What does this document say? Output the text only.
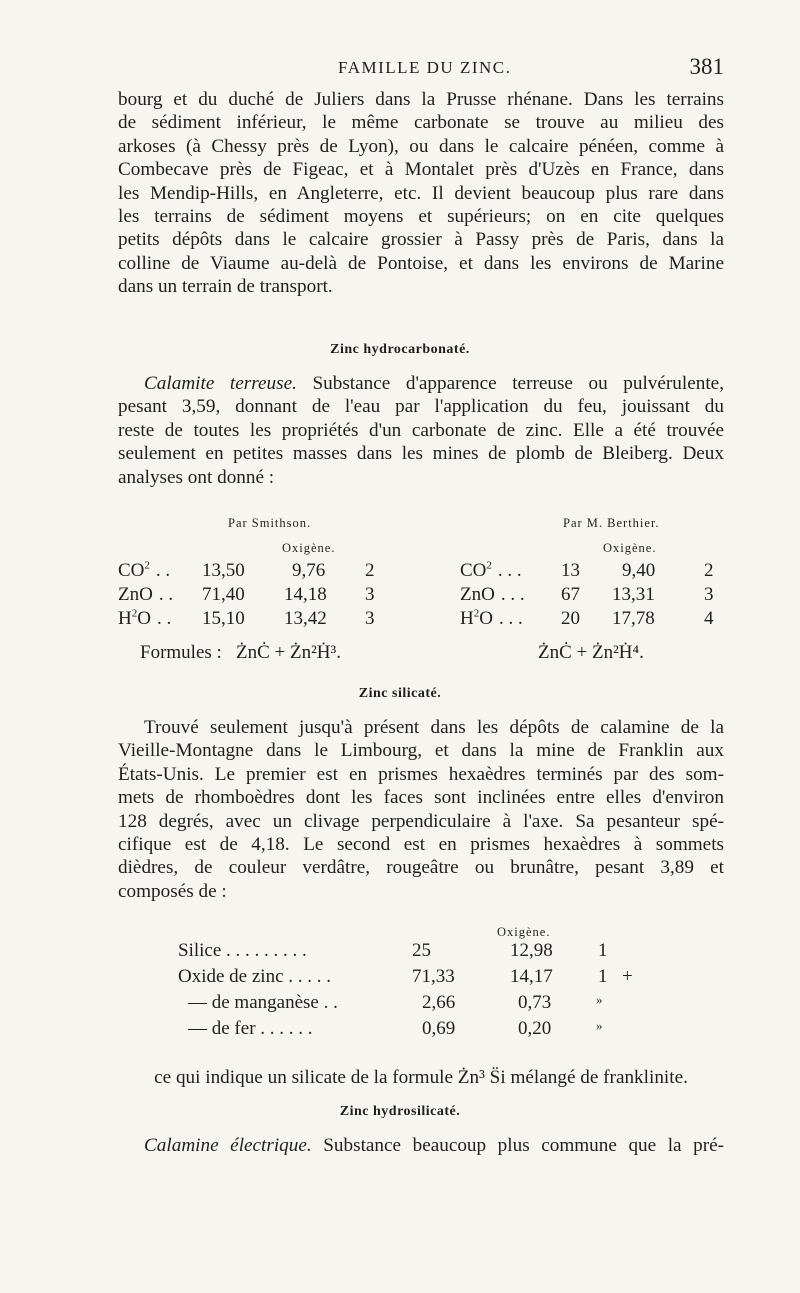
FAMILLE DU ZINC.	381
bourg et du duché de Juliers dans la Prusse rhénane. Dans les terrains
de sédiment inférieur, le même carbonate se trouve au milieu des
arkoses (à Chessy près de Lyon), ou dans le calcaire pénéen, comme à
Combecave près de Figeac, et à Montalet près d'Uzès en France, dans
les Mendip-Hills, en Angleterre, etc. Il devient beaucoup plus rare dans
les terrains de sédiment moyens et supérieurs; on en cite quelques
petits dépôts dans le calcaire grossier à Passy près de Paris, dans la
colline de Viaume au-delà de Pontoise, et dans les environs de Marine
dans un terrain de transport.
Zinc hydrocarbonaté.
Calamite terreuse. Substance d'apparence terreuse ou pulvérulente,
pesant 3,59, donnant de l'eau par l'application du feu, jouissant du
reste de toutes les propriétés d'un carbonate de zinc. Elle a été trouvée
seulement en petites masses dans les mines de plomb de Bleiberg. Deux
analyses ont donné :
Par Smithson.
Oxigène.
$CO^2$ . . 13,50 9,76 2
ZnO . . 71,40 14,18 3
$H^2O$ . . 15,10 13,42 3
Formules : ŻnĊ + Żn²Ḣ³.
Par M. Berthier.
Oxigène.
$CO^2$ . . . 13 9,40	2
ZnO . . . 67 13,31	3
$H^2O$ . . . 20 17,78	4
ŻnĊ + Żn²Ḣ⁴.
Zinc silicaté.
Trouvé seulement jusqu'à présent dans les dépôts de calamine de la
Vieille-Montagne dans le Limbourg, et dans la mine de Franklin aux
États-Unis. Le premier est en prismes hexaèdres terminés par des som-
mets de rhomboèdres dont les faces sont inclinées entre elles d'environ
128 degrés, avec un clivage perpendiculaire à l'axe. Sa pesanteur spé-
cifique est de 4,18. Le second est en prismes hexaèdres à sommets
dièdres, de couleur verdâtre, rougeâtre ou brunâtre, pesant 3,89 et
composés de :
Oxigène.
Silice . . . . . . . . .	25	12,98 1
Oxide de zinc . . . . .	71,33	14,17 1 +
— de manganèse . .	2,66	0,73	»
— de fer . . . . . .	0,69	0,20	»
ce qui indique un silicate de la formule Żn³ S̈i mélangé de franklinite.
Zinc hydrosilicaté.
Calamine électrique. Substance beaucoup plus commune que la pré-
